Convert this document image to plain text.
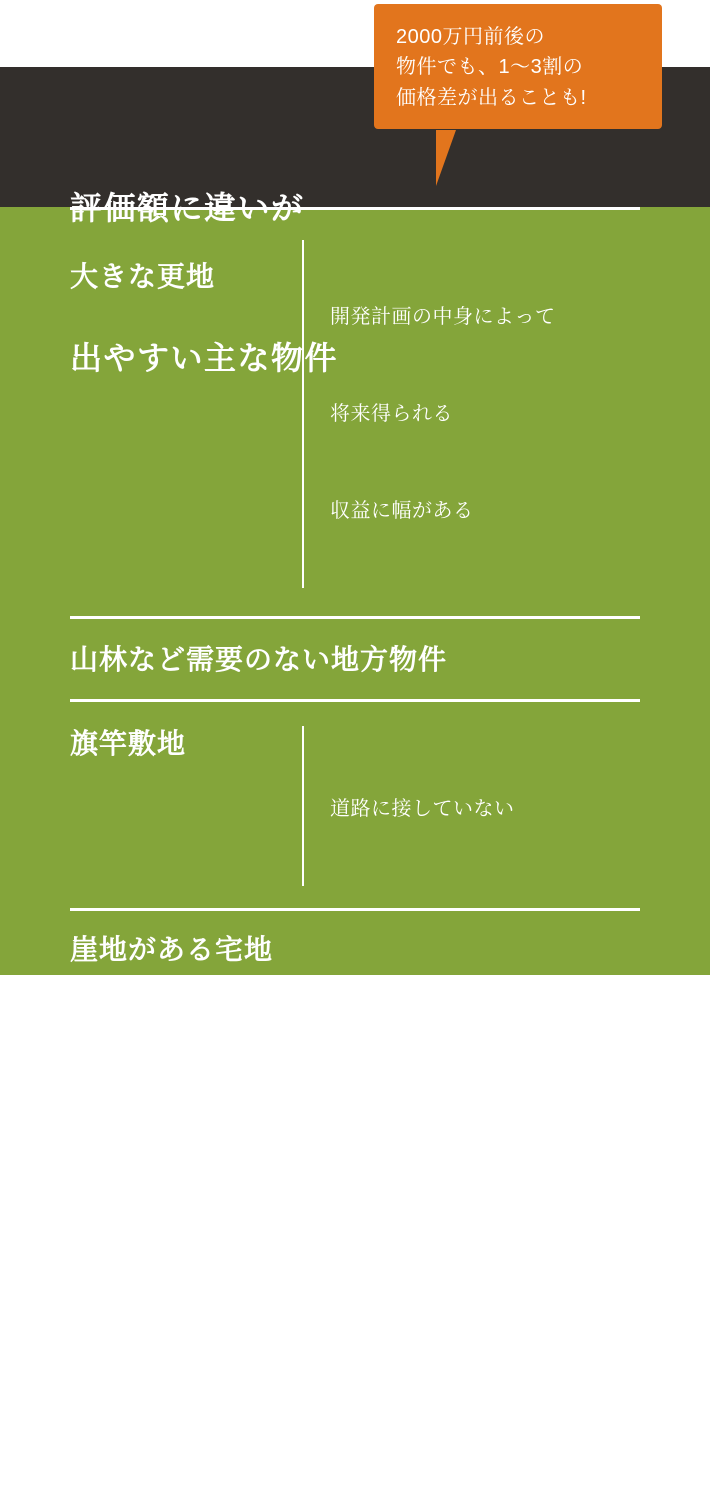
2000万円前後の
物件でも、1〜3割の
価格差が出ることも!

評価額に違いが

出やすい主な物件

大きな更地

開発計画の中身によって

将来得られる

収益に幅がある

山林など需要のない地方物件
旗竿敷地

道路に接していない

崖地がある宅地
高圧線下の土地
近所に
忌避施設

暴力団事務所、

ゴミ置き場、墓地、

火葬場、軍基地
